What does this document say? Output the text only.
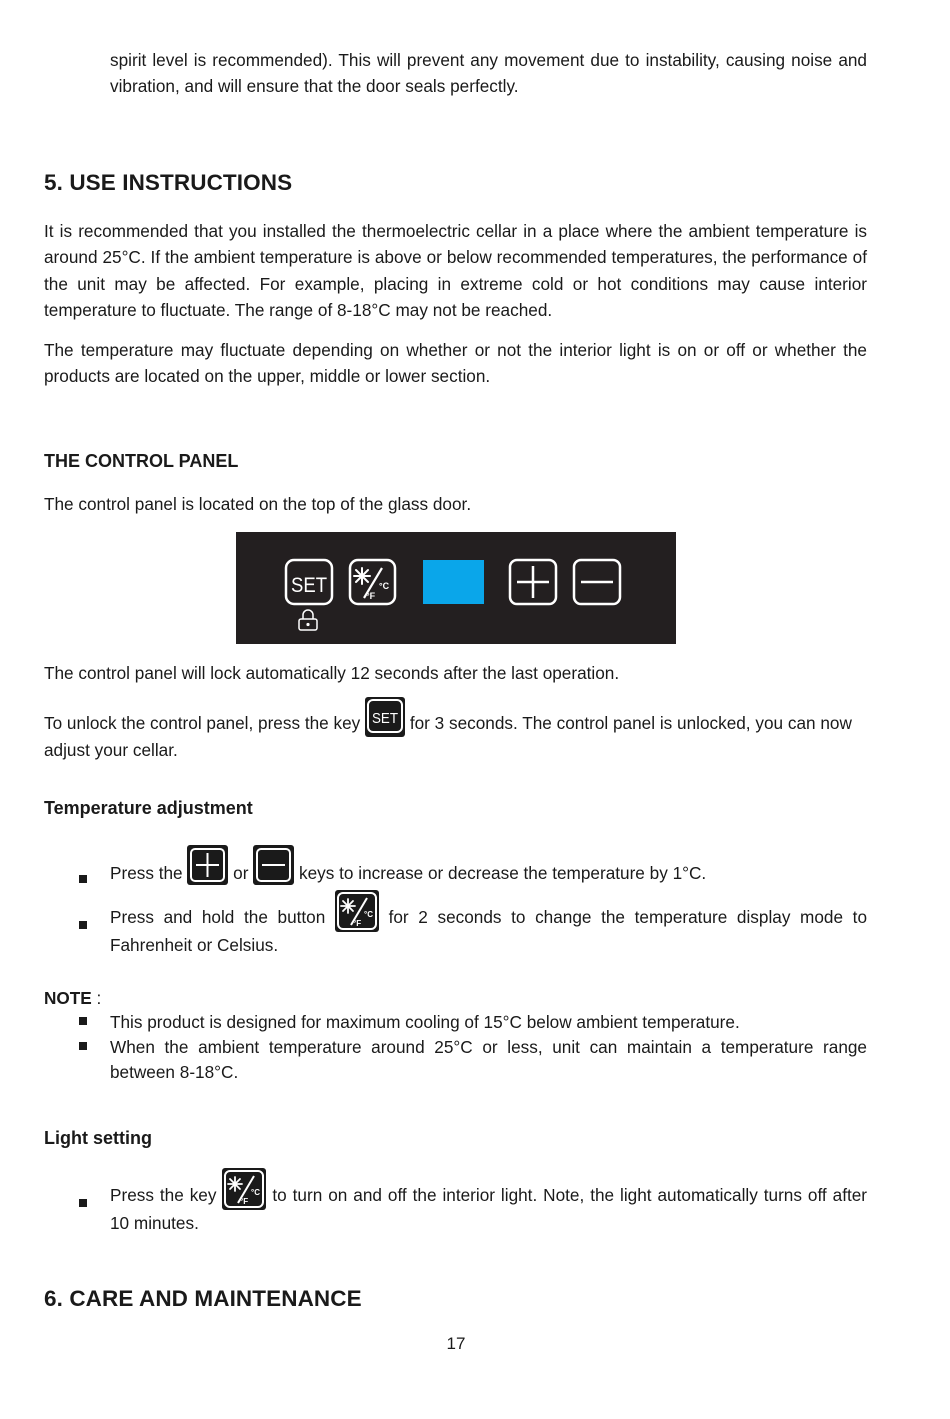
spirit level is recommended). This will prevent any movement due to instability, causing noise and vibration, and will ensure that the door seals perfectly.

5. USE INSTRUCTIONS

It is recommended that you installed the thermoelectric cellar in a place where the ambient temperature is around 25°C. If the ambient temperature is above or below recommended temperatures, the performance of the unit may be affected. For example, placing in extreme cold or hot conditions may cause interior temperature to fluctuate. The range of 8-18°C may not be reached.

The temperature may fluctuate depending on whether or not the interior light is on or off or whether the products are located on the upper, middle or lower section.

THE CONTROL PANEL

The control panel is located on the top of the glass door.

SET	°C
°F

The control panel will lock automatically 12 seconds after the last operation.

To unlock the control panel, press the key SET for 3 seconds. The control panel is unlocked, you can now adjust your cellar.

Temperature adjustment

Press the	or	keys to increase or decrease the temperature by 1°C.

Press and hold the button	°C
°F for 2 seconds to change the temperature display mode to Fahrenheit or Celsius.

NOTE :

This product is designed for maximum cooling of 15°C below ambient temperature.

When the ambient temperature around 25°C or less, unit can maintain a temperature range between 8-18°C.

Light setting

Press the key	°C
°F to turn on and off the interior light. Note, the light automatically turns off after 10 minutes.

6. CARE AND MAINTENANCE
17
